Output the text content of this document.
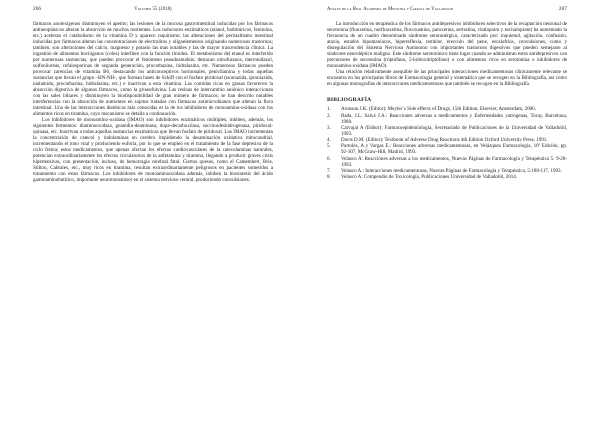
266	Volumen 55 (2018)

fármacos anorexígenos disminuyen el apetito; las lesiones de la mucosa gastrointestinal inducidas por los fármacos antineoplásicos alteran la absorción de muchos nutrientes. Los inductores enzimáticos (etanol, barbitúricos, fenitoína, etc.) aceleran el catabolismo de la vitamina D y aparece raquitismo; las alteraciones del peristaltismo intestinal inducidas por fármacos alteran las concentraciones de electrolitos y oligoelementos originando numerosos trastornos; también, son alteraciones del calcio, magnesio y potasio las más notables y las de mayor trascendencia clínica. La ingestión de alimentos bociógenos (coles) interfiere con la función tiroidea. El metabolismo del etanol es interferido por numerosas sustancias, que pueden provocar el fenómeno pseudoantabús; destacan nitrofuranos, metronidazol, sulfonilureas, cefalosporinas de segunda generación, procarbazina, hidralazina, etc. Numerosos fármacos pueden provocar carencias de vitamina B6, destacando los anticonceptivos hormonales, penicilamina y todas aquellas sustancias que llevan el grupo –HN-NH-, que forman bases de Schiff con el fosfato piridoxal (isoniazida, iproniazida, nialamida, procarbazina, hidralazina, etc.) e inactivan a esta vitamina. Las comidas ricas en grasas favorecen la absorción digestiva de algunos fármacos, como la griseofulvina. Las resinas de intercambio aniónico interaccionan con las sales biliares y disminuyen la biodisponibilidad de gran número de fármacos; se han descrito notables interferencias con la absorción de nutrientes en sujetos tratados con fármacos antimicrobianos que alteran la flora intestinal. Una de las interacciones dietéticas más conocidas es la de los inhibidores de monoamino-oxidasa con los alimentos ricos en tiramina, cuyo mecanismo se detalla a continuación.

Los inhibidores de monoamino-oxidasa (IMAO) son inhibidores enzimáticos múltiples; inhiben, además, los siguientes fermentos: diaminooxidasa, guanidin-deaminasa, dopa-decarboxilasa, succinodeshidrogenasa, piridoxal-quinasa, etc. Inactivan a todas aquellas sustancias enzimáticas que llevan fosfato de piridoxal. Los IMAO incrementan la concentración de catecol y indolaminas en cerebro impidiendo la desaminación oxidativa mitocondrial, incrementando el tono vital y produciendo euforia, por lo que se empleó en el tratamiento de la fase depresiva de la ciclo frenia; estos medicamentos, que apenas afectan los efectos cardiovasculares de la catecolaminas naturales, potencian extraordinariamente los efectos circulatorios de la anfetamina y tiramina, llegando a producir graves crisis hipertensivas, con presentación, incluso, de hemorragia cerebral fatal. Ciertos quesos, como el Camembert, Brie, Stilton, Cabrales, etc., muy ricos en tiramina, resultan extraordinariamente peligrosos en pacientes sometidos a tratamiento con estos fármacos. Los inhibidores de monoaminooxidasa además, inhiben la biosíntesis del ácido gammaminobutírico, importante neurotransmisor en el sistema nervioso central, produciendo convulsiones.

Anales de la Real Academia de Medicina y Cirugía de Valladolid	267

La introducción en terapéutica de los fármacos antidepresivos inhibidores selectivos de la recaptación neuronal de serotonina (fluoxetina, norfluoxetina, fluvoxamina, paroxetina, sertralina, citalopram y escitalopram) ha aumentado la frecuencia de un cuadro denominado síndrome serotonérgico, caracterizado por: inquietud, agitación, confusión, ataxia, estados hipomaníacos, hiperreflexia, temblor, erección del pene, escalofríos, convulsiones, coma y disregulación del Sistema Nervioso Autónomo con importantes trastornos digestivos que pueden semejarse al síndrome neuroléptico maligno. Este síndrome serotonínico tiene lugar cuando se administran estos antidepresivos con precursores de serotonina (triptófano, 5-hidroxitriptófano) o con alimentos ricos en serotonina o inhibidores de monoamino-oxidasa (IMAO).

Una relación relativamente asequible de las principales interacciones medicamentosas clínicamente relevante se encuentra en los principales libros de Farmacología general y sistemática que se recogen en la Bibliografía, así como en algunas monografías de interacciones medicamentosas que también se recogen en la Bibliografía.

BIBLIOGRAFÍA
1.	Aronson J.K. (Editor): Meyler´s Side effects of Drugs, 15th Edition, Elsevier, Amsterdam, 2006.
2.	Bada, J.L. Salvá J.A.: Reacciones adversas a medicamentos y Enfermedades yatrógenas, Toray, Barcelona, 1980.
3.	Carvajal A (Editor): Farmacoepidemiología, Secretariado de Publicaciones de la Universidad de Valladolid, 1993.
4.	Davis D.M. (Editor): Textbook of Adverse Drug Reactions 4th Edition Oxford University Press, 1991.
5.	Portolés, A y Vargas E.: Reacciones adversas medicamentosas, en Velázquez Farmacología, 16ª Edición, pp. 92-107, McGraw-Hill, Madrid, 1993.
6.	Velasco A: Reacciones adversas a los medicamentos, Nuevas Páginas de Farmacología y Terapéutica 5: 9-20-1993.
7.	Velasco A.: Interacciones medicamentosas, Nuevas Páginas de Farmacología y Terapéutica, 5:108-117, 1993.
8.	Velasco A: Compendio de Toxicología, Publicaciones Universidad de Valladolid, 2014.
